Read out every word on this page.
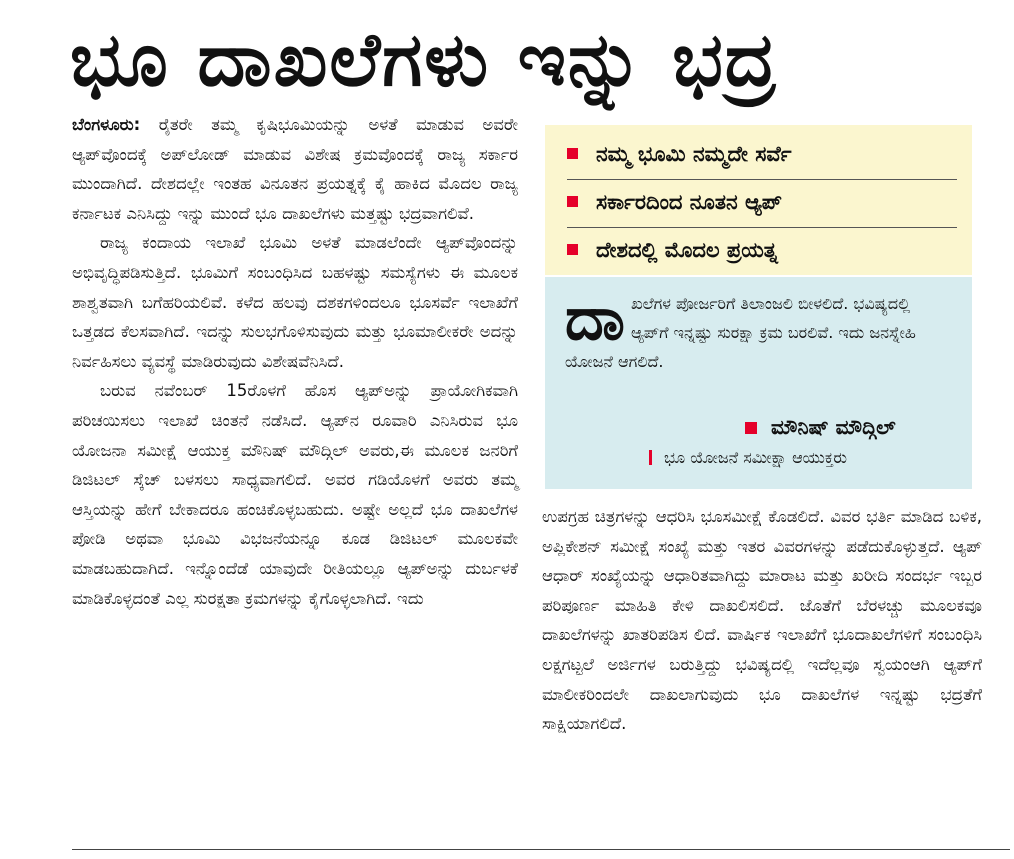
ಭೂ ದಾಖಲೆಗಳು ಇನ್ನು ಭದ್ರ

ಬೆಂಗಳೂರು: ರೈತರೇ ತಮ್ಮ ಕೃಷಿಭೂಮಿಯನ್ನು ಅಳತೆ ಮಾಡುವ ಅವರೇ ಆ್ಯಪ್‌ವೊಂದಕ್ಕೆ ಅಪ್‌ಲೋಡ್ ಮಾಡುವ ವಿಶೇಷ ಕ್ರಮವೊಂದಕ್ಕೆ ರಾಜ್ಯ ಸರ್ಕಾರ ಮುಂದಾಗಿದೆ. ದೇಶದಲ್ಲೇ ಇಂತಹ ವಿನೂತನ ಪ್ರಯತ್ನಕ್ಕೆ ಕೈ ಹಾಕಿದ ಮೊದಲ ರಾಜ್ಯ ಕರ್ನಾಟಕ ಎನಿಸಿದ್ದು ಇನ್ನು ಮುಂದೆ ಭೂ ದಾಖಲೆಗಳು ಮತ್ತಷ್ಟು ಭದ್ರವಾಗಲಿವೆ.

ರಾಜ್ಯ ಕಂದಾಯ ಇಲಾಖೆ ಭೂಮಿ ಅಳತೆ ಮಾಡಲೆಂದೇ ಆ್ಯಪ್‌ವೊಂದನ್ನು ಅಭಿವೃದ್ಧಿಪಡಿಸುತ್ತಿದೆ. ಭೂಮಿಗೆ ಸಂಬಂಧಿಸಿದ ಬಹಳಷ್ಟು ಸಮಸ್ಯೆಗಳು ಈ ಮೂಲಕ ಶಾಶ್ವತವಾಗಿ ಬಗೆಹರಿಯಲಿವೆ. ಕಳೆದ ಹಲವು ದಶಕಗಳಿಂದಲೂ ಭೂಸರ್ವೆ ಇಲಾಖೆಗೆ ಒತ್ತಡದ ಕೆಲಸವಾಗಿದೆ. ಇದನ್ನು ಸುಲಭಗೊಳಿಸುವುದು ಮತ್ತು ಭೂಮಾಲೀಕರೇ ಅದನ್ನು ನಿರ್ವಹಿಸಲು ವ್ಯವಸ್ಥೆ ಮಾಡಿರುವುದು ವಿಶೇಷವೆನಿಸಿದೆ.

ಬರುವ ನವೆಂಬರ್ 15ರೊಳಗೆ ಹೊಸ ಆ್ಯಪ್‌ಅನ್ನು ಪ್ರಾಯೋಗಿಕವಾಗಿ ಪರಿಚಯಿಸಲು ಇಲಾಖೆ ಚಿಂತನೆ ನಡೆಸಿದೆ. ಆ್ಯಪ್‌ನ ರೂವಾರಿ ಎನಿಸಿರುವ ಭೂ ಯೋಜನಾ ಸಮೀಕ್ಷೆ ಆಯುಕ್ತ ಮೌನಿಷ್ ಮೌದ್ಗಿಲ್ ಅವರು,ಈ ಮೂಲಕ ಜನರಿಗೆ ಡಿಜಿಟಲ್ ಸ್ಕೆಚ್ ಬಳಸಲು ಸಾಧ್ಯವಾಗಲಿದೆ. ಅವರ ಗಡಿಯೊಳಗೆ ಅವರು ತಮ್ಮ ಆಸ್ತಿಯನ್ನು ಹೇಗೆ ಬೇಕಾದರೂ ಹಂಚಿಕೊಳ್ಳಬಹುದು. ಅಷ್ಟೇ ಅಲ್ಲದೆ ಭೂ ದಾಖಲೆಗಳ ಪೋಡಿ ಅಥವಾ ಭೂಮಿ ವಿಭಜನೆಯನ್ನೂ ಕೂಡ ಡಿಜಿಟಲ್ ಮೂಲಕವೇ ಮಾಡಬಹುದಾಗಿದೆ. ಇನ್ನೊಂದೆಡೆ ಯಾವುದೇ ರೀತಿಯಲ್ಲೂ ಆ್ಯಪ್‌ಅನ್ನು ದುರ್ಬಳಕೆ ಮಾಡಿಕೊಳ್ಳದಂತೆ ಎಲ್ಲ ಸುರಕ್ಷತಾ ಕ್ರಮಗಳನ್ನು ಕೈಗೊಳ್ಳಲಾಗಿದೆ. ಇದು

ನಮ್ಮ ಭೂಮಿ ನಮ್ಮದೇ ಸರ್ವೆ
ಸರ್ಕಾರದಿಂದ ನೂತನ ಆ್ಯಪ್
ದೇಶದಲ್ಲಿ ಮೊದಲ ಪ್ರಯತ್ನ
ದಾಖಲೆಗಳ ಪೋರ್ಜರಿಗೆ ತಿಲಾಂಜಲಿ ಬೀಳಲಿದೆ. ಭವಿಷ್ಯದಲ್ಲಿ ಆ್ಯಪ್‌ಗೆ ಇನ್ನಷ್ಟು ಸುರಕ್ಷಾ ಕ್ರಮ ಬರಲಿವೆ. ಇದು ಜನಸ್ನೇಹಿ ಯೋಜನೆ ಆಗಲಿದೆ.
ಮೌನಿಷ್ ಮೌದ್ಗಿಲ್
ಭೂ ಯೋಜನೆ ಸಮೀಕ್ಷಾ ಆಯುಕ್ತರು

ಉಪಗ್ರಹ ಚಿತ್ರಗಳನ್ನು ಆಧರಿಸಿ ಭೂಸಮೀಕ್ಷೆ ಕೊಡಲಿದೆ. ವಿವರ ಭರ್ತಿ ಮಾಡಿದ ಬಳಿಕ, ಅಪ್ಲಿಕೇಶನ್ ಸಮೀಕ್ಷೆ ಸಂಖ್ಯೆ ಮತ್ತು ಇತರ ವಿವರಗಳನ್ನು ಪಡೆದುಕೊಳ್ಳುತ್ತದೆ. ಆ್ಯಪ್ ಆಧಾರ್ ಸಂಖ್ಯೆಯನ್ನು ಆಧಾರಿತವಾಗಿದ್ದು ಮಾರಾಟ ಮತ್ತು ಖರೀದಿ ಸಂದರ್ಭ ಇಬ್ಬರ ಪರಿಪೂರ್ಣ ಮಾಹಿತಿ ಕೇಳಿ ದಾಖಲಿಸಲಿದೆ. ಜೊತೆಗೆ ಬೆರಳಚ್ಚು ಮೂಲಕವೂ ದಾಖಲೆಗಳನ್ನು ಖಾತರಿಪಡಿಸ ಲಿದೆ. ವಾರ್ಷಿಕ ಇಲಾಖೆಗೆ ಭೂದಾಖಲೆಗಳಿಗೆ ಸಂಬಂಧಿಸಿ ಲಕ್ಷಗಟ್ಟಲೆ ಅರ್ಜಿಗಳ ಬರುತ್ತಿದ್ದು ಭವಿಷ್ಯದಲ್ಲಿ ಇದೆಲ್ಲವೂ ಸ್ವಯಂಆಗಿ ಆ್ಯಪ್‌ಗೆ ಮಾಲೀಕರಿಂದಲೇ ದಾಖಲಾಗುವುದು ಭೂ ದಾಖಲೆಗಳ ಇನ್ನಷ್ಟು ಭದ್ರತೆಗೆ ಸಾಕ್ಷಿಯಾಗಲಿದೆ.
